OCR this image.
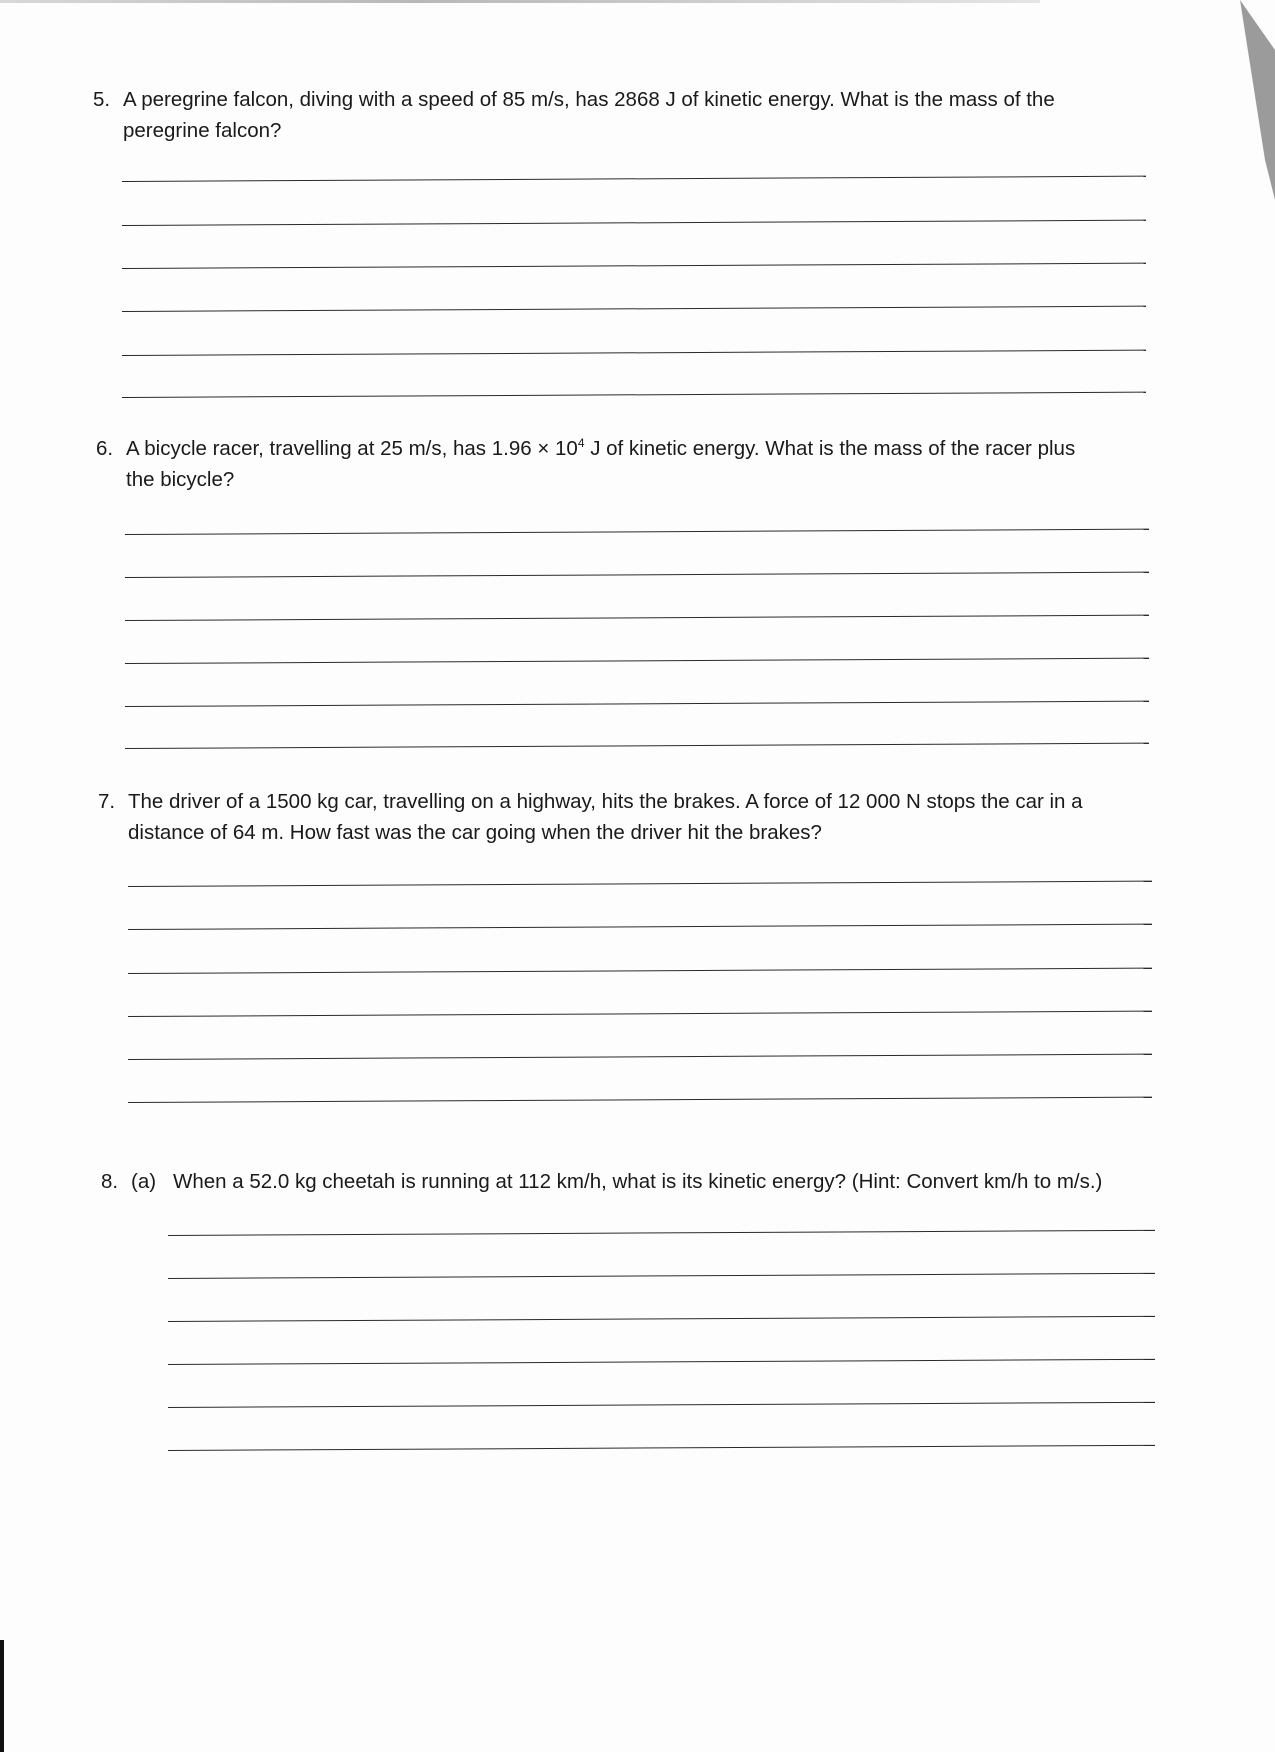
5. A peregrine falcon, diving with a speed of 85 m/s, has 2868 J of kinetic energy. What is the mass of the
peregrine falcon?
6. A bicycle racer, travelling at 25 m/s, has $1.96 \times 10^4$ J of kinetic energy. What is the mass of the racer plus
the bicycle?
7. The driver of a 1500 kg car, travelling on a highway, hits the brakes. A force of 12 000 N stops the car in a
distance of 64 m. How fast was the car going when the driver hit the brakes?
8. (a) When a 52.0 kg cheetah is running at 112 km/h, what is its kinetic energy? (Hint: Convert km/h to m/s.)
